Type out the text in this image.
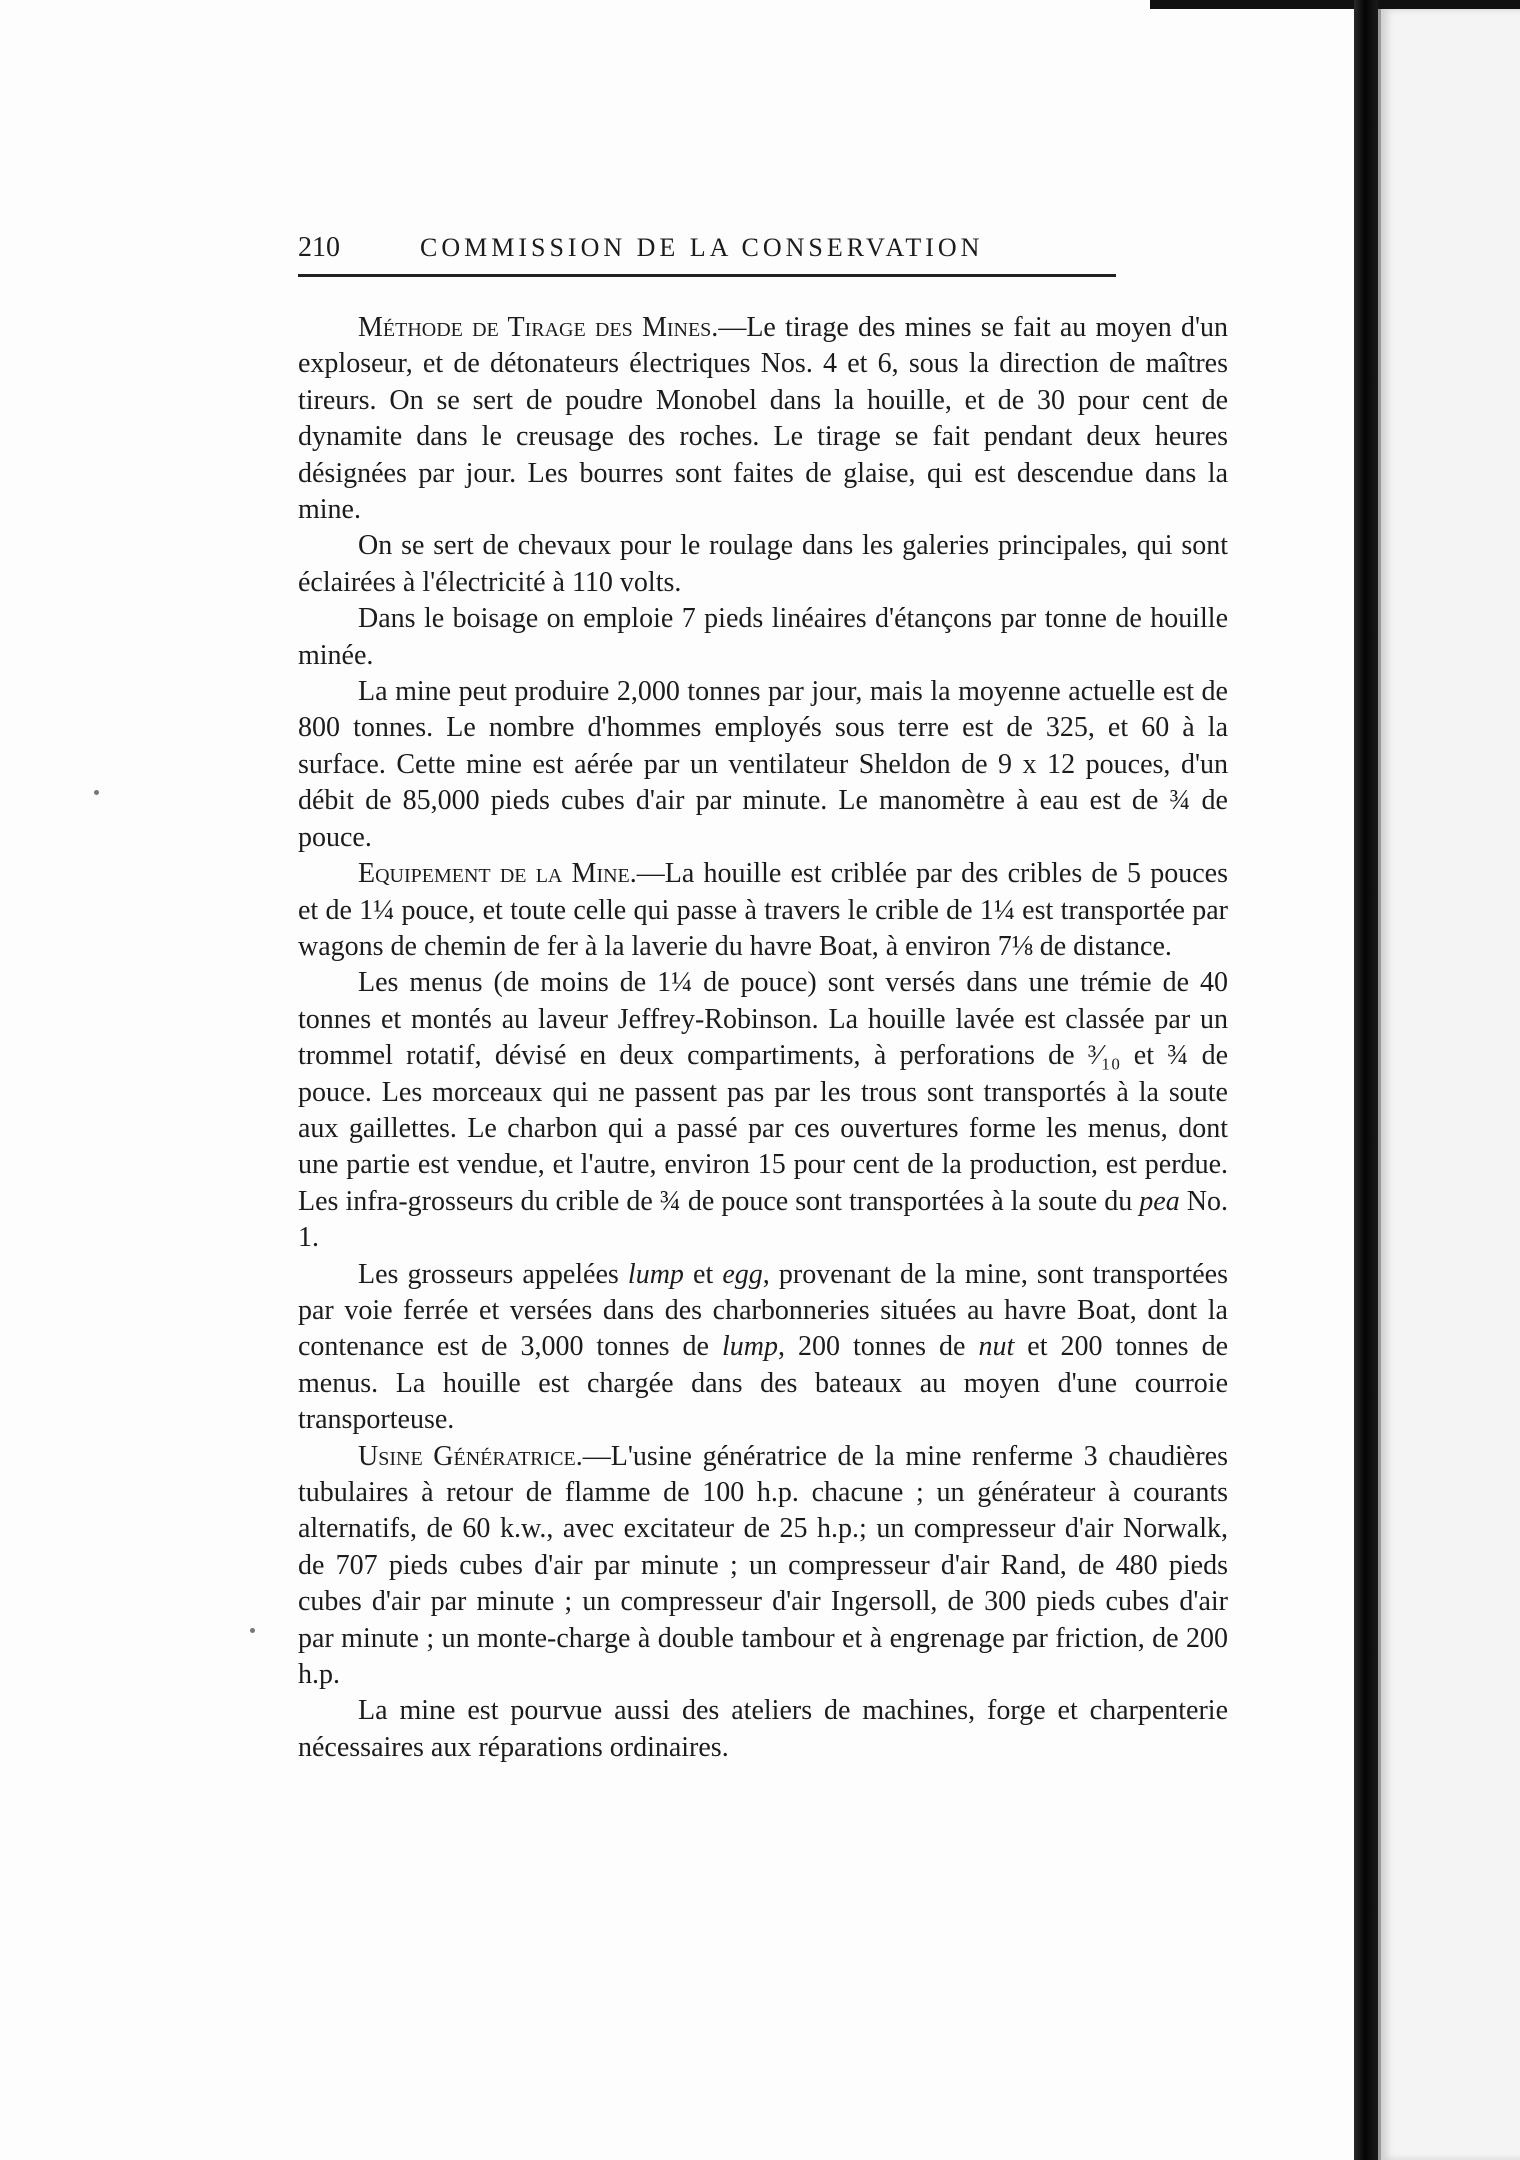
210	COMMISSION DE LA CONSERVATION

Méthode de Tirage des Mines.—Le tirage des mines se fait au moyen d'un exploseur, et de détonateurs électriques Nos. 4 et 6, sous la direction de maîtres tireurs. On se sert de poudre Monobel dans la houille, et de 30 pour cent de dynamite dans le creusage des roches. Le tirage se fait pendant deux heures désignées par jour. Les bourres sont faites de glaise, qui est descendue dans la mine.

On se sert de chevaux pour le roulage dans les galeries principales, qui sont éclairées à l'électricité à 110 volts.

Dans le boisage on emploie 7 pieds linéaires d'étançons par tonne de houille minée.

La mine peut produire 2,000 tonnes par jour, mais la moyenne actuelle est de 800 tonnes. Le nombre d'hommes employés sous terre est de 325, et 60 à la surface. Cette mine est aérée par un ventilateur Sheldon de 9 x 12 pouces, d'un débit de 85,000 pieds cubes d'air par minute. Le manomètre à eau est de ¾ de pouce.

Equipement de la Mine.—La houille est criblée par des cribles de 5 pouces et de 1¼ pouce, et toute celle qui passe à travers le crible de 1¼ est transportée par wagons de chemin de fer à la laverie du havre Boat, à environ 7⅛ de distance.

Les menus (de moins de 1¼ de pouce) sont versés dans une trémie de 40 tonnes et montés au laveur Jeffrey-Robinson. La houille lavée est classée par un trommel rotatif, dévisé en deux compartiments, à perforations de ³⁄₁₀ et ¾ de pouce. Les morceaux qui ne passent pas par les trous sont transportés à la soute aux gaillettes. Le charbon qui a passé par ces ouvertures forme les menus, dont une partie est vendue, et l'autre, environ 15 pour cent de la production, est perdue. Les infra-grosseurs du crible de ¾ de pouce sont transportées à la soute du pea No. 1.

Les grosseurs appelées lump et egg, provenant de la mine, sont transportées par voie ferrée et versées dans des charbonneries situées au havre Boat, dont la contenance est de 3,000 tonnes de lump, 200 tonnes de nut et 200 tonnes de menus. La houille est chargée dans des bateaux au moyen d'une courroie transporteuse.

Usine Génératrice.—L'usine génératrice de la mine renferme 3 chaudières tubulaires à retour de flamme de 100 h.p. chacune ; un générateur à courants alternatifs, de 60 k.w., avec excitateur de 25 h.p.; un compresseur d'air Norwalk, de 707 pieds cubes d'air par minute ; un compresseur d'air Rand, de 480 pieds cubes d'air par minute ; un compresseur d'air Ingersoll, de 300 pieds cubes d'air par minute ; un monte-charge à double tambour et à engrenage par friction, de 200 h.p.

La mine est pourvue aussi des ateliers de machines, forge et charpenterie nécessaires aux réparations ordinaires.
